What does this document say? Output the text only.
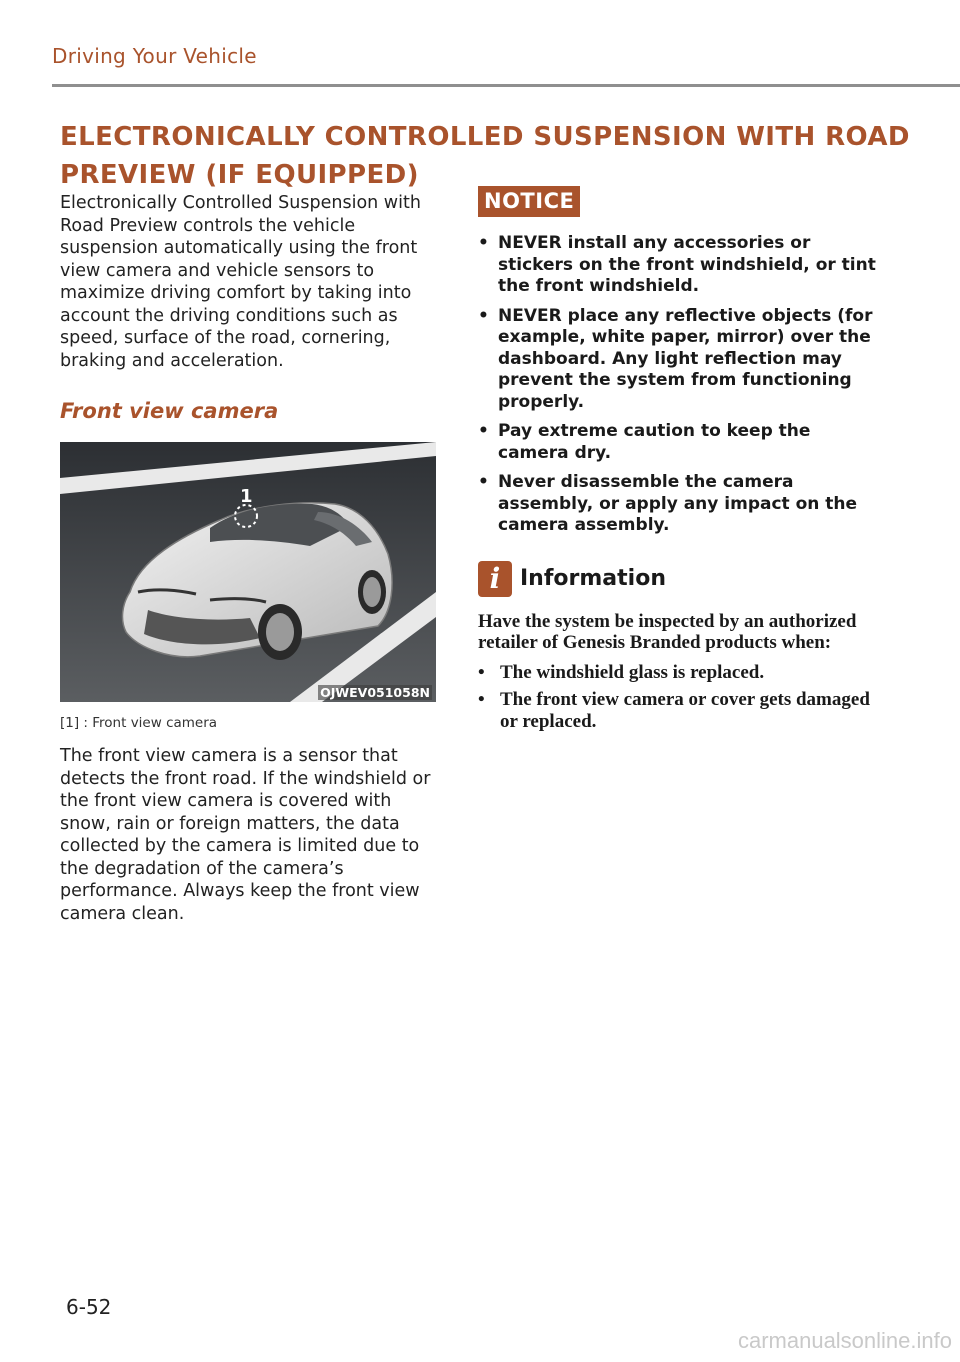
Driving Your Vehicle
ELECTRONICALLY CONTROLLED SUSPENSION WITH ROAD PREVIEW (IF EQUIPPED)

Electronically Controlled Suspension with Road Preview controls the vehicle suspension automatically using the front view camera and vehicle sensors to maximize driving comfort by taking into account the driving conditions such as speed, surface of the road, cornering, braking and acceleration.

Front view camera
1
OJWEV051058N

[1] : Front view camera

The front view camera is a sensor that detects the front road. If the windshield or the front view camera is covered with snow, rain or foreign matters, the data collected by the camera is limited due to the degradation of the camera’s performance. Always keep the front view camera clean.

NOTICE
• NEVER install any accessories or stickers on the front windshield, or tint the front windshield.
• NEVER place any reflective objects (for example, white paper, mirror) over the dashboard. Any light reflection may prevent the system from functioning properly.
• Pay extreme caution to keep the camera dry.
• Never disassemble the camera assembly, or apply any impact on the camera assembly.
i Information

Have the system be inspected by an authorized retailer of Genesis Branded products when:

• The windshield glass is replaced.
• The front view camera or cover gets damaged or replaced.
6-52
carmanualsonline.info
